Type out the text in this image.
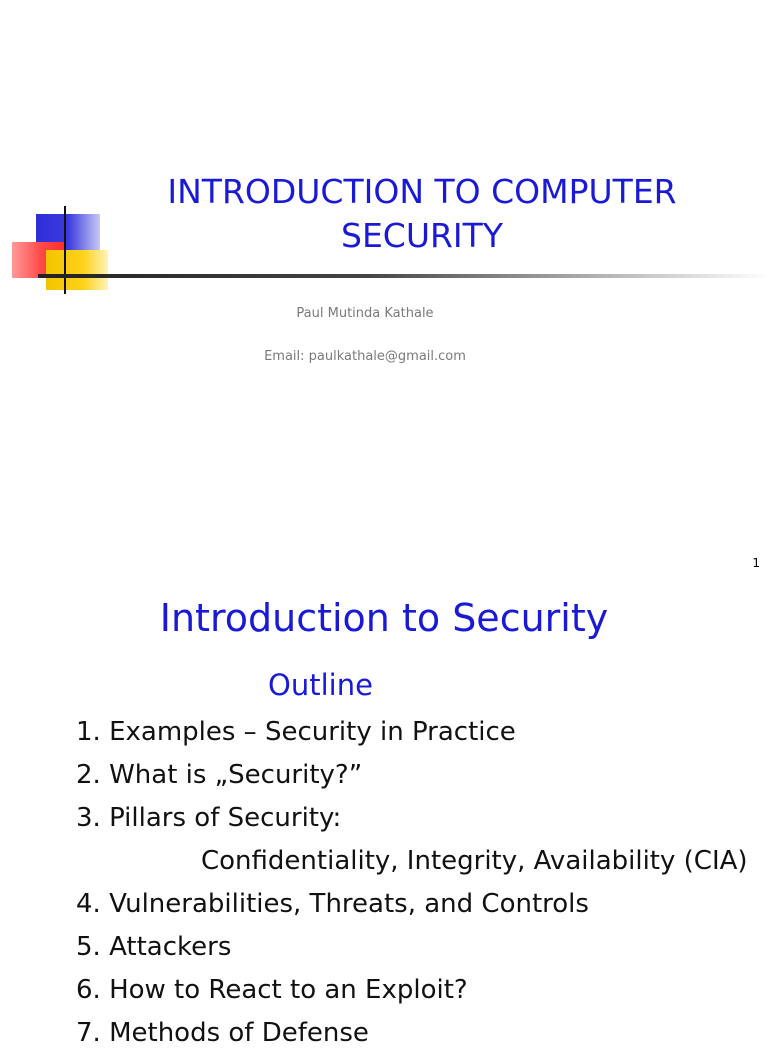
INTRODUCTION TO COMPUTER SECURITY
Paul Mutinda Kathale
Email: paulkathale@gmail.com
1
Introduction to Security
Outline
1. Examples – Security in Practice
2. What is „Security?”
3. Pillars of Security:
Confidentiality, Integrity, Availability (CIA)
4. Vulnerabilities, Threats, and Controls
5. Attackers
6. How to React to an Exploit?
7. Methods of Defense
